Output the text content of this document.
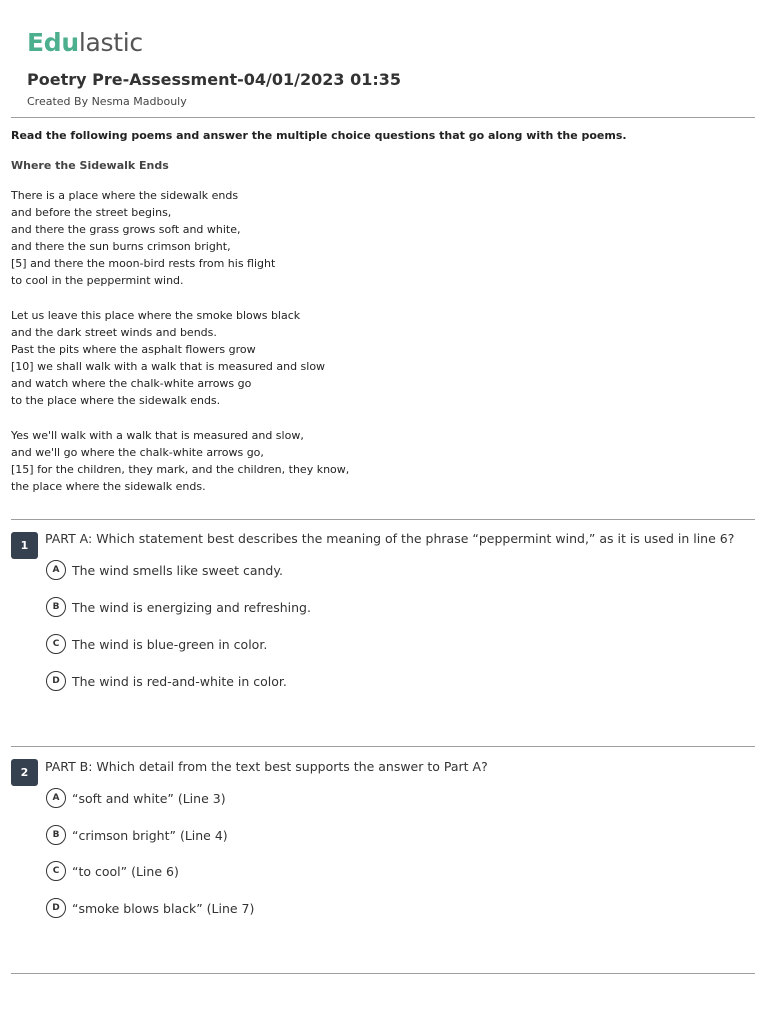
Edulastic
Poetry Pre-Assessment-04/01/2023 01:35
Created By Nesma Madbouly
Read the following poems and answer the multiple choice questions that go along with the poems.
Where the Sidewalk Ends
There is a place where the sidewalk ends
and before the street begins,
and there the grass grows soft and white,
and there the sun burns crimson bright,
[5] and there the moon-bird rests from his flight
to cool in the peppermint wind.
Let us leave this place where the smoke blows black
and the dark street winds and bends.
Past the pits where the asphalt flowers grow
[10] we shall walk with a walk that is measured and slow
and watch where the chalk-white arrows go
to the place where the sidewalk ends.
Yes we'll walk with a walk that is measured and slow,
and we'll go where the chalk-white arrows go,
[15] for the children, they mark, and the children, they know,
the place where the sidewalk ends.
1	PART A: Which statement best describes the meaning of the phrase “peppermint wind,” as it is used in line 6?
A	The wind smells like sweet candy.
B	The wind is energizing and refreshing.
C	The wind is blue-green in color.
D The wind is red-and-white in color.
2	PART B: Which detail from the text best supports the answer to Part A?
A	“soft and white” (Line 3)
B	“crimson bright” (Line 4)
C	“to cool” (Line 6)
D “smoke blows black” (Line 7)
